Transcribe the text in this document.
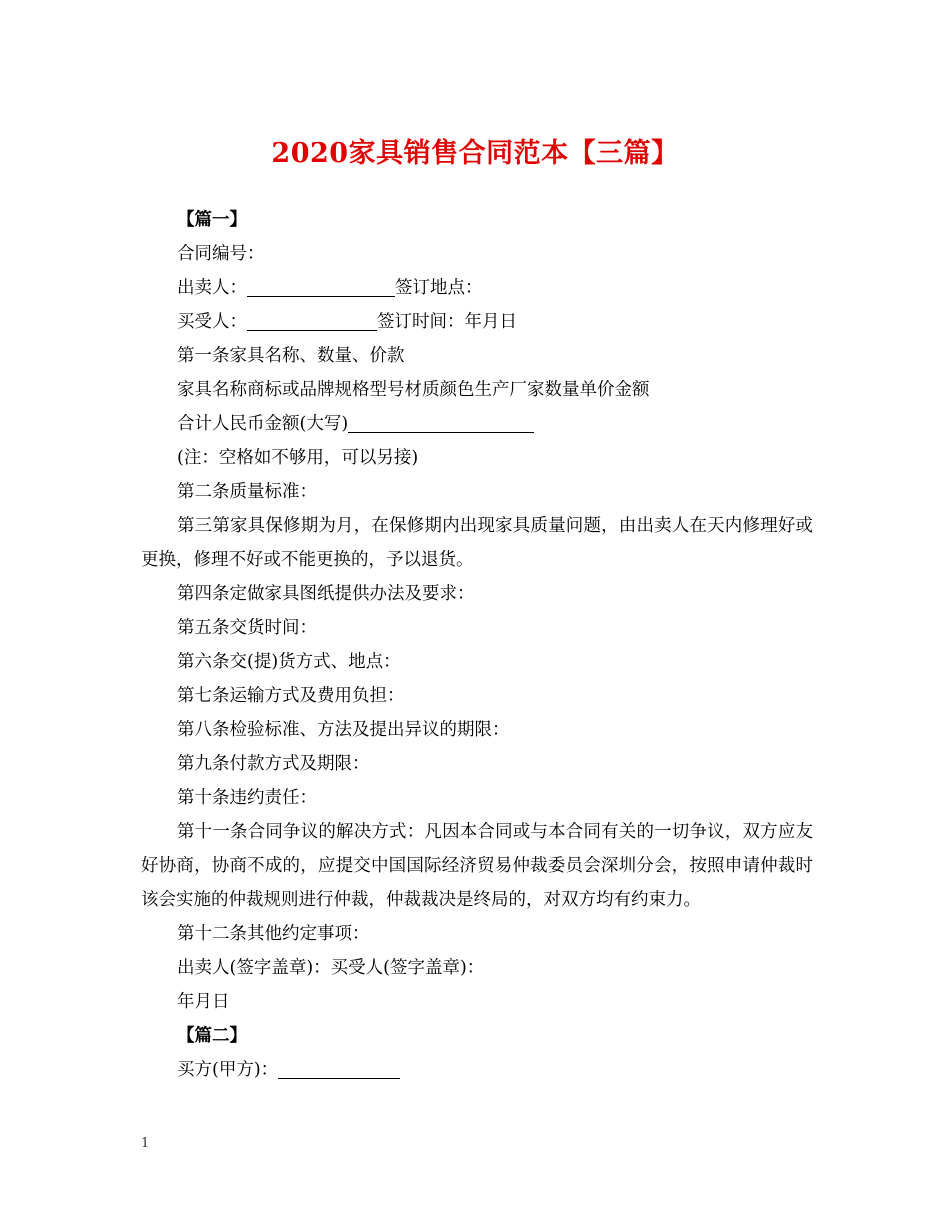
2020家具销售合同范本【三篇】

【篇一】

合同编号：

出卖人：	签订地点：

买受人：	签订时间：年月日

第一条家具名称、数量、价款

家具名称商标或品牌规格型号材质颜色生产厂家数量单价金额

合计人民币金额(大写)

(注：空格如不够用，可以另接)

第二条质量标准：

第三第家具保修期为月，在保修期内出现家具质量问题，由出卖人在天内修理好或更换，修理不好或不能更换的，予以退货。

第四条定做家具图纸提供办法及要求：

第五条交货时间：

第六条交(提)货方式、地点：

第七条运输方式及费用负担：

第八条检验标准、方法及提出异议的期限：

第九条付款方式及期限：

第十条违约责任：

第十一条合同争议的解决方式：凡因本合同或与本合同有关的一切争议，双方应友好协商，协商不成的，应提交中国国际经济贸易仲裁委员会深圳分会，按照申请仲裁时该会实施的仲裁规则进行仲裁，仲裁裁决是终局的，对双方均有约束力。

第十二条其他约定事项：

出卖人(签字盖章)：买受人(签字盖章)：

年月日

【篇二】

买方(甲方)：

1
